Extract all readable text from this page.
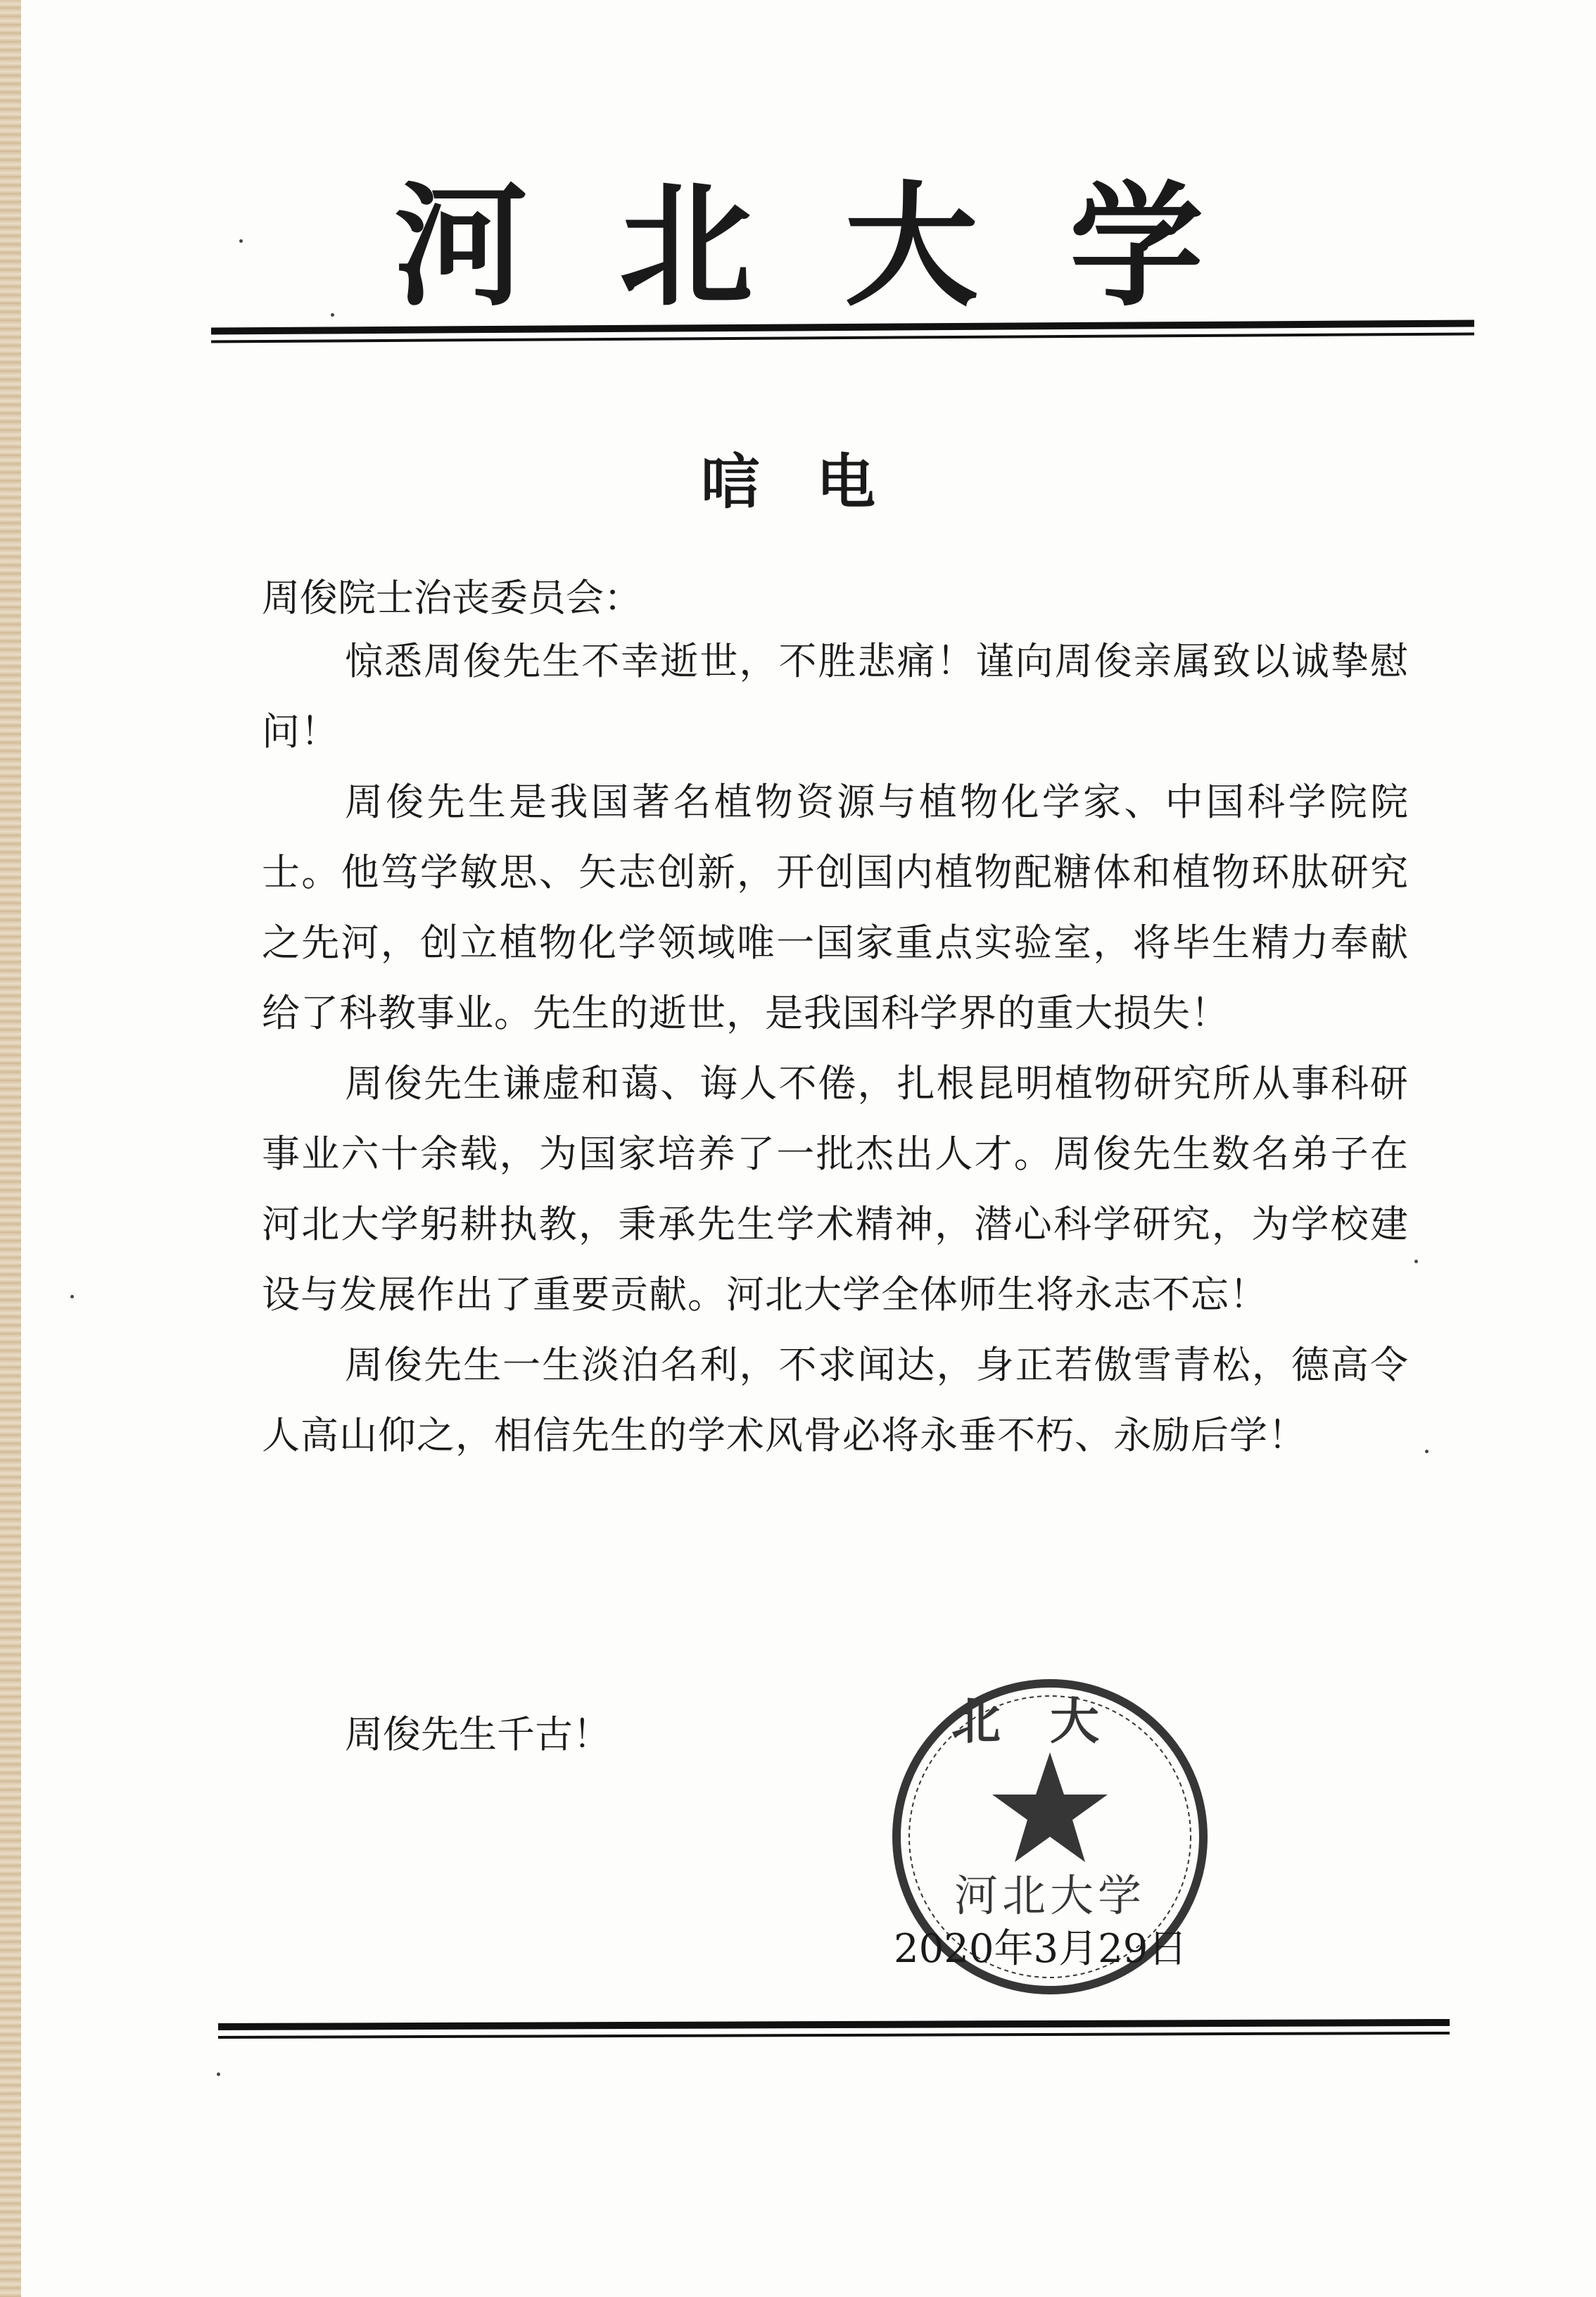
河北大学
唁电
周俊院士治丧委员会：

惊悉周俊先生不幸逝世，不胜悲痛！谨向周俊亲属致以诚挚慰问！

周俊先生是我国著名植物资源与植物化学家、中国科学院院士。他笃学敏思、矢志创新，开创国内植物配糖体和植物环肽研究之先河，创立植物化学领域唯一国家重点实验室，将毕生精力奉献给了科教事业。先生的逝世，是我国科学界的重大损失！

周俊先生谦虚和蔼、诲人不倦，扎根昆明植物研究所从事科研事业六十余载，为国家培养了一批杰出人才。周俊先生数名弟子在河北大学躬耕执教，秉承先生学术精神，潜心科学研究，为学校建设与发展作出了重要贡献。河北大学全体师生将永志不忘！

周俊先生一生淡泊名利，不求闻达，身正若傲雪青松，德高令人高山仰之，相信先生的学术风骨必将永垂不朽、永励后学！

周俊先生千古！	北大
河北大学
2020年3月29日
